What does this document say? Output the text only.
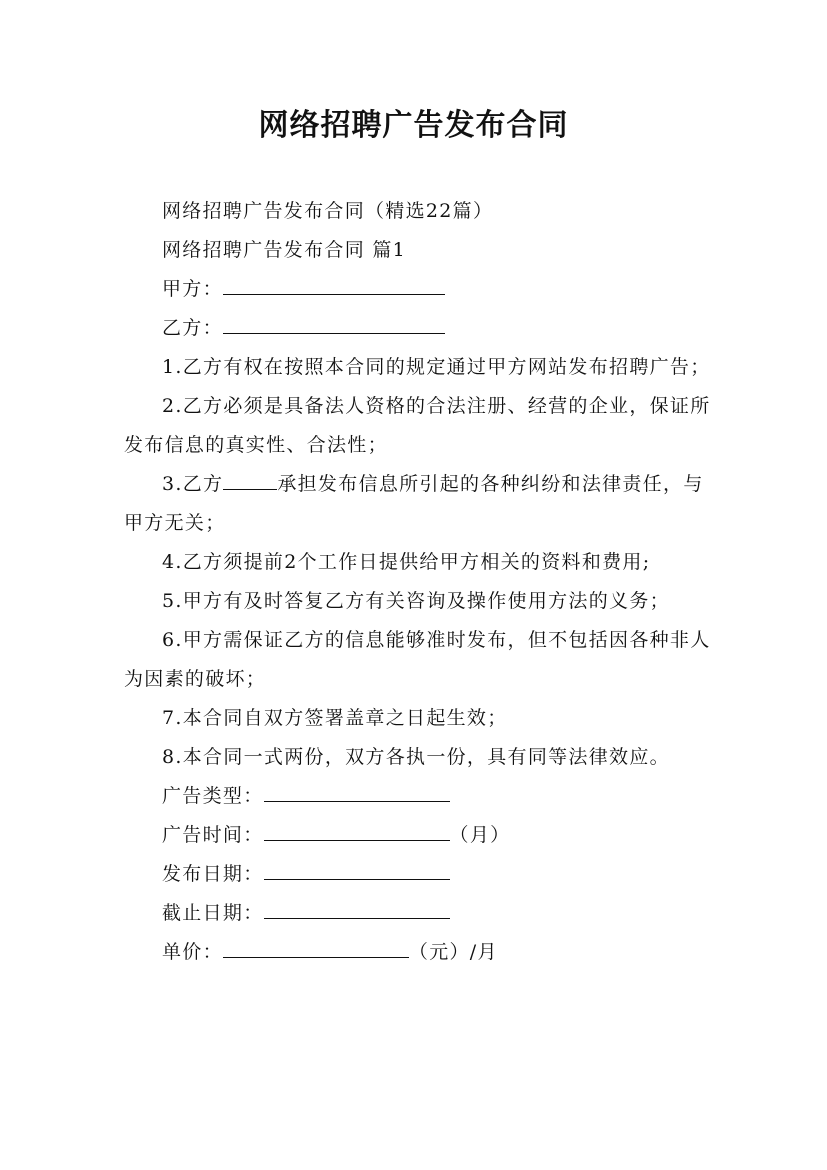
网络招聘广告发布合同

网络招聘广告发布合同（精选22篇）

网络招聘广告发布合同 篇1

甲方：

乙方：

1.乙方有权在按照本合同的规定通过甲方网站发布招聘广告；

2.乙方必须是具备法人资格的合法注册、经营的企业，保证所发布信息的真实性、合法性；

3.乙方	承担发布信息所引起的各种纠纷和法律责任，与甲方无关；

4.乙方须提前2个工作日提供给甲方相关的资料和费用;

5.甲方有及时答复乙方有关咨询及操作使用方法的义务；

6.甲方需保证乙方的信息能够准时发布，但不包括因各种非人为因素的破坏；

7.本合同自双方签署盖章之日起生效；

8.本合同一式两份，双方各执一份，具有同等法律效应。

广告类型：

广告时间：	（月）

发布日期：

截止日期：

单价：	（元）/月
